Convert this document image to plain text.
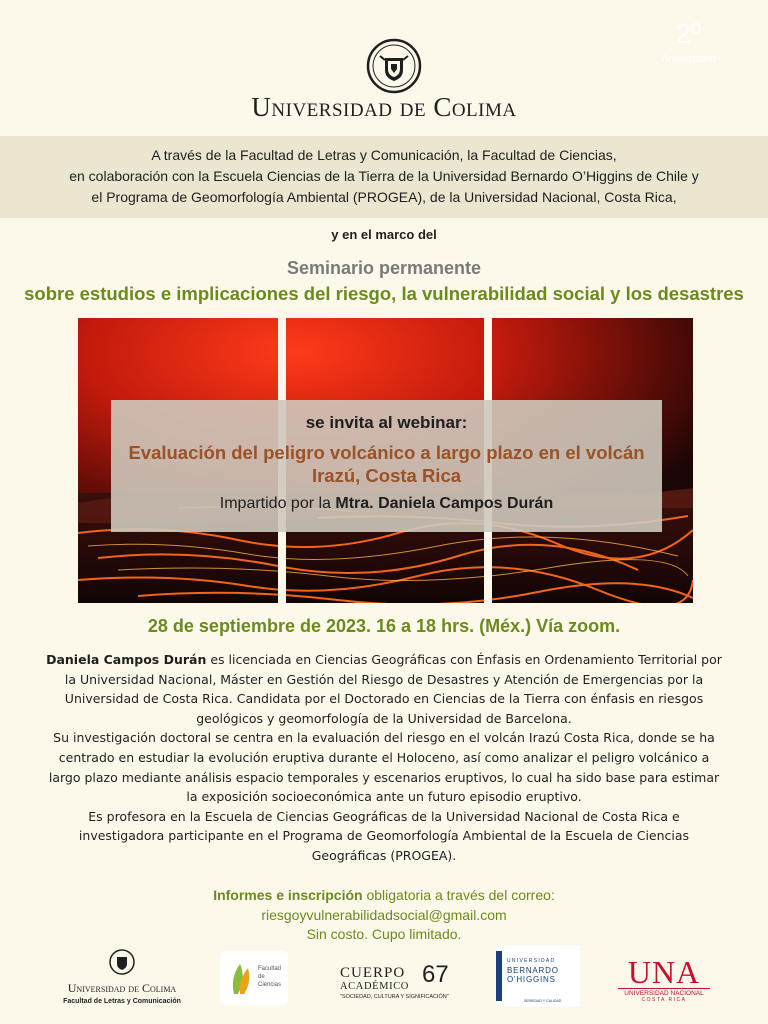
2º
Aniversario
Universidad de Colima
A través de la Facultad de Letras y Comunicación, la Facultad de Ciencias,
en colaboración con la Escuela Ciencias de la Tierra de la Universidad Bernardo O’Higgins de Chile y
el Programa de Geomorfología Ambiental (PROGEA), de la Universidad Nacional, Costa Rica,
y en el marco del
Seminario permanente
sobre estudios e implicaciones del riesgo, la vulnerabilidad social y los desastres
se invita al webinar:
Evaluación del peligro volcánico a largo plazo en el volcán
Irazú, Costa Rica
Impartido por la Mtra. Daniela Campos Durán
28 de septiembre de 2023. 16 a 18 hrs. (Méx.) Vía zoom.

Daniela Campos Durán es licenciada en Ciencias Geográficas con Énfasis en Ordenamiento Territorial por la Universidad Nacional, Máster en Gestión del Riesgo de Desastres y Atención de Emergencias por la Universidad de Costa Rica. Candidata por el Doctorado en Ciencias de la Tierra con énfasis en riesgos geológicos y geomorfología de la Universidad de Barcelona.

Su investigación doctoral se centra en la evaluación del riesgo en el volcán Irazú Costa Rica, donde se ha centrado en estudiar la evolución eruptiva durante el Holoceno, así como analizar el peligro volcánico a largo plazo mediante análisis espacio temporales y escenarios eruptivos, lo cual ha sido base para estimar la exposición socioeconómica ante un futuro episodio eruptivo.

Es profesora en la Escuela de Ciencias Geográficas de la Universidad Nacional de Costa Rica e investigadora participante en el Programa de Geomorfología Ambiental de la Escuela de Ciencias Geográficas (PROGEA).

Informes e inscripción obligatoria a través del correo:
riesgoyvulnerabilidadsocial@gmail.com
Sin costo. Cupo limitado.
Universidad de Colima
Facultad de Letras y Comunicación
Facultad
de
Ciencias
CUERPO
ACADÉMICO 67
"SOCIEDAD, CULTURA Y SIGNIFICACIÓN"
UNIVERSIDAD
BERNARDO
O'HIGGINS
SERIEDAD Y CALIDAD
UNA
UNIVERSIDAD NACIONAL
COSTA RICA
